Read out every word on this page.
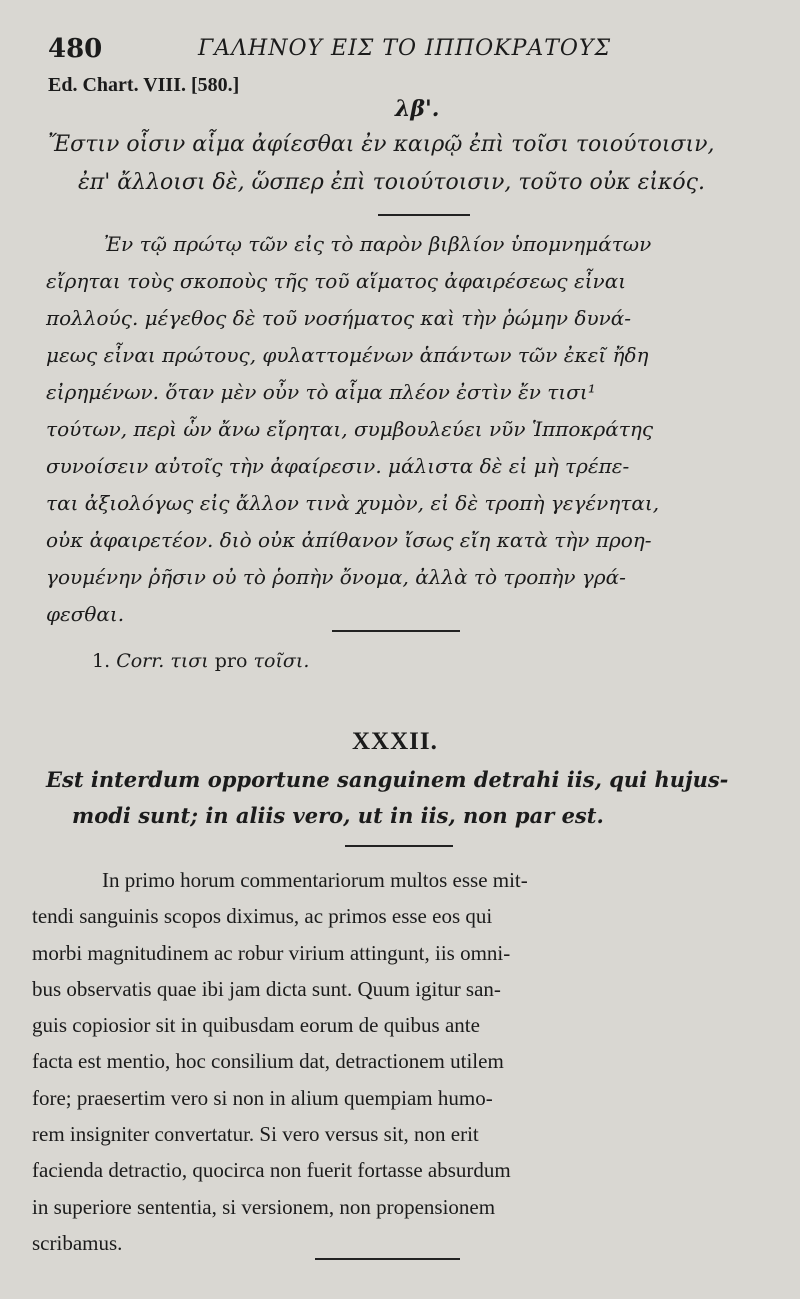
480	ΓΑΛΗΝΟΥ ΕΙΣ ΤΟ ΙΠΠΟΚΡΑΤΟΥΣ
Ed. Chart. VIII. [580.]
λβ'.
Ἔστιν οἷσιν αἷμα ἀφίεσθαι ἐν καιρῷ ἐπὶ τοῖσι τοιούτοισιν,
ἐπ' ἄλλοισι δὲ, ὥσπερ ἐπὶ τοιούτοισιν, τοῦτο οὐκ εἰκός.
Ἐν τῷ πρώτῳ τῶν εἰς τὸ παρὸν βιβλίον ὑπομνημάτων
εἴρηται τοὺς σκοποὺς τῆς τοῦ αἵματος ἀφαιρέσεως εἶναι
πολλούς. μέγεθος δὲ τοῦ νοσήματος καὶ τὴν ῥώμην δυνά-
μεως εἶναι πρώτους, φυλαττομένων ἁπάντων τῶν ἐκεῖ ἤδη
εἰρημένων. ὅταν μὲν οὖν τὸ αἷμα πλέον ἐστὶν ἔν τισι¹
τούτων, περὶ ὧν ἄνω εἴρηται, συμβουλεύει νῦν Ἱπποκράτης
συνοίσειν αὐτοῖς τὴν ἀφαίρεσιν. μάλιστα δὲ εἰ μὴ τρέπε-
ται ἀξιολόγως εἰς ἄλλον τινὰ χυμὸν, εἰ δὲ τροπὴ γεγένηται,
οὐκ ἀφαιρετέον. διὸ οὐκ ἀπίθανον ἴσως εἴη κατὰ τὴν προη-
γουμένην ῥῆσιν οὐ τὸ ῥοπὴν ὄνομα, ἀλλὰ τὸ τροπὴν γρά-
φεσθαι.
1. Corr. τισι pro τοῖσι.
XXXII.
Est interdum opportune sanguinem detrahi iis, qui hujus-
modi sunt; in aliis vero, ut in iis, non par est.
In primo horum commentariorum multos esse mit-
tendi sanguinis scopos diximus, ac primos esse eos qui
morbi magnitudinem ac robur virium attingunt, iis omni-
bus observatis quae ibi jam dicta sunt. Quum igitur san-
guis copiosior sit in quibusdam eorum de quibus ante
facta est mentio, hoc consilium dat, detractionem utilem
fore; praesertim vero si non in alium quempiam humo-
rem insigniter convertatur. Si vero versus sit, non erit
facienda detractio, quocirca non fuerit fortasse absurdum
in superiore sententia, si versionem, non propensionem
scribamus.
